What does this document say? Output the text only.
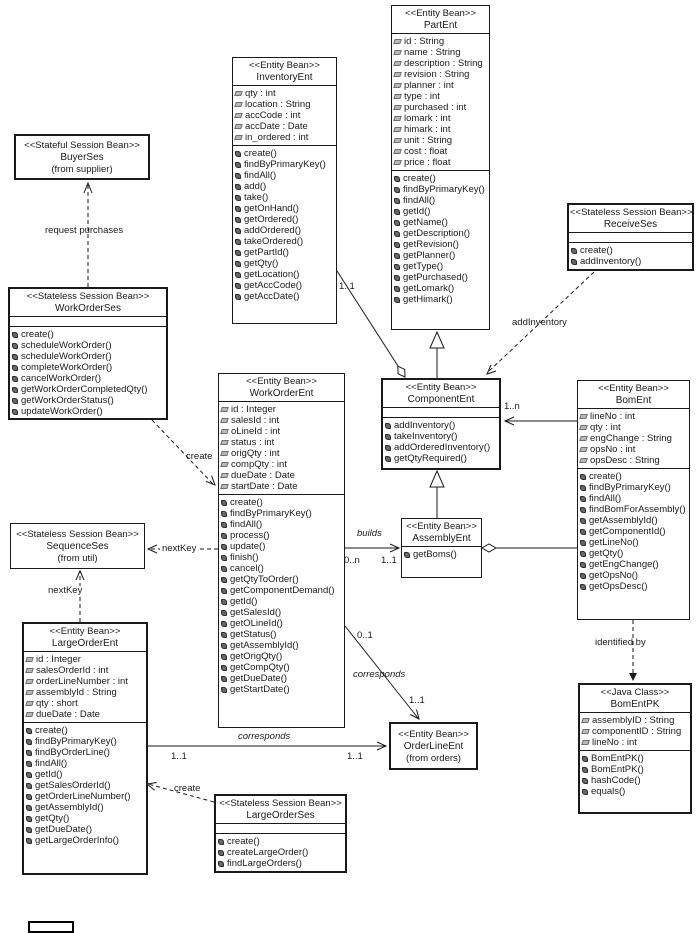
<<Entity Bean>>
PartEnt
id : String
name : String
description : String
revision : String
planner : int
type : int
purchased : int
lomark : int
himark : int
unit : String
cost : float
price : float
create()
findByPrimaryKey()
findAll()
getId()
getName()
getDescription()
getRevision()
getPlanner()
getType()
getPurchased()
getLomark()
getHimark()
<<Entity Bean>>
InventoryEnt
qty : int
location : String
accCode : int
accDate : Date
in_ordered : int
create()
findByPrimaryKey()
findAll()
add()
take()
getOnHand()
getOrdered()
addOrdered()
takeOrdered()
getPartId()
getQty()
getLocation()
getAccCode()
getAccDate()
<<Stateful Session Bean>>
BuyerSes
(from supplier)
<<Stateless Session Bean>>
WorkOrderSes
create()
scheduleWorkOrder()
scheduleWorkOrder()
completeWorkOrder()
cancelWorkOrder()
getWorkOrderCompletedQty()
getWorkOrderStatus()
updateWorkOrder()
<<Stateless Session Bean>>
ReceiveSes
create()
addInventory()
<<Entity Bean>>
WorkOrderEnt
id : Integer
salesId : int
oLineId : int
status : int
origQty : int
compQty : int
dueDate : Date
startDate : Date
create()
findByPrimaryKey()
findAll()
process()
update()
finish()
cancel()
getQtyToOrder()
getComponentDemand()
getId()
getSalesId()
getOLineId()
getStatus()
getAssemblyId()
getOrigQty()
getCompQty()
getDueDate()
getStartDate()
<<Entity Bean>>
ComponentEnt
addInventory()
takeInventory()
addOrderedInventory()
getQtyRequired()
<<Entity Bean>>
BomEnt
lineNo : int
qty : int
engChange : String
opsNo : int
opsDesc : String
create()
findByPrimaryKey()
findAll()
findBomForAssembly()
getAssemblyId()
getComponentId()
getLineNo()
getQty()
getEngChange()
getOpsNo()
getOpsDesc()
<<Entity Bean>>
AssemblyEnt
getBoms()
<<Stateless Session Bean>>
SequenceSes
(from util)
<<Entity Bean>>
LargeOrderEnt
id : Integer
salesOrderId : int
orderLineNumber : int
assemblyId : String
qty : short
dueDate : Date
create()
findByPrimaryKey()
findByOrderLine()
findAll()
getId()
getSalesOrderId()
getOrderLineNumber()
getAssemblyId()
getQty()
getDueDate()
getLargeOrderInfo()
<<Entity Bean>>
OrderLineEnt
(from orders)
<<Stateless Session Bean>>
LargeOrderSes
create()
createLargeOrder()
findLargeOrders()
<<Java Class>>
BomEntPK
assemblyID : String
componentID : String
lineNo : int
BomEntPK()
BomEntPK()
hashCode()
equals()
request purchases
addInventory
create
nextKey
nextKey
builds
0..n 1..1
0..1
corresponds
1..1
corresponds
1..1	1..1
create
identified by
1..1
1..n
